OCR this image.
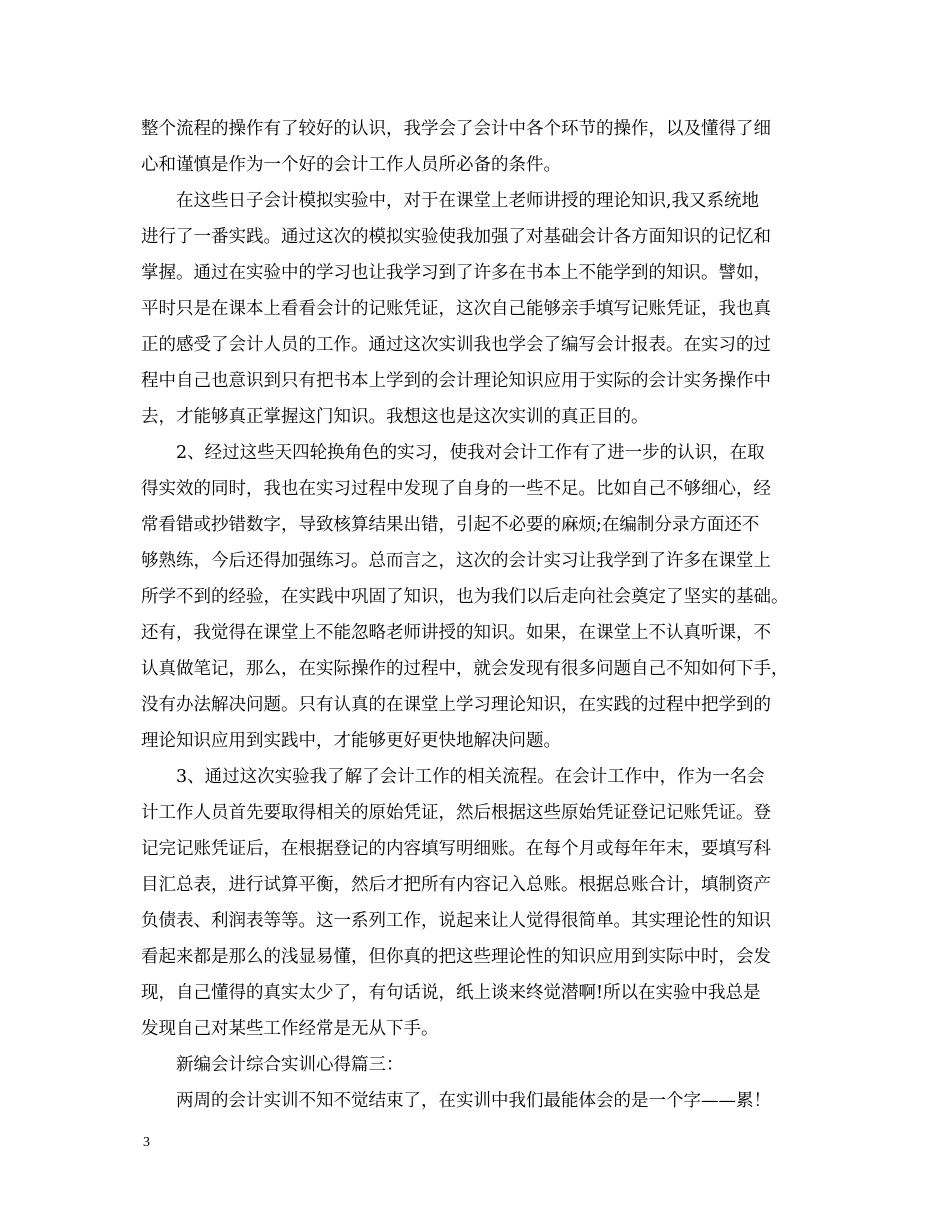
整个流程的操作有了较好的认识，我学会了会计中各个环节的操作，以及懂得了细
心和谨慎是作为一个好的会计工作人员所必备的条件。
在这些日子会计模拟实验中，对于在课堂上老师讲授的理论知识,我又系统地
进行了一番实践。通过这次的模拟实验使我加强了对基础会计各方面知识的记忆和
掌握。通过在实验中的学习也让我学习到了许多在书本上不能学到的知识。譬如，
平时只是在课本上看看会计的记账凭证，这次自己能够亲手填写记账凭证，我也真
正的感受了会计人员的工作。通过这次实训我也学会了编写会计报表。在实习的过
程中自己也意识到只有把书本上学到的会计理论知识应用于实际的会计实务操作中
去，才能够真正掌握这门知识。我想这也是这次实训的真正目的。
2、经过这些天四轮换角色的实习，使我对会计工作有了进一步的认识，在取
得实效的同时，我也在实习过程中发现了自身的一些不足。比如自己不够细心，经
常看错或抄错数字，导致核算结果出错，引起不必要的麻烦;在编制分录方面还不
够熟练，今后还得加强练习。总而言之，这次的会计实习让我学到了许多在课堂上
所学不到的经验，在实践中巩固了知识，也为我们以后走向社会奠定了坚实的基础。
还有，我觉得在课堂上不能忽略老师讲授的知识。如果，在课堂上不认真听课，不
认真做笔记，那么，在实际操作的过程中，就会发现有很多问题自己不知如何下手，
没有办法解决问题。只有认真的在课堂上学习理论知识，在实践的过程中把学到的
理论知识应用到实践中，才能够更好更快地解决问题。
3、通过这次实验我了解了会计工作的相关流程。在会计工作中，作为一名会
计工作人员首先要取得相关的原始凭证，然后根据这些原始凭证登记记账凭证。登
记完记账凭证后，在根据登记的内容填写明细账。在每个月或每年年末，要填写科
目汇总表，进行试算平衡，然后才把所有内容记入总账。根据总账合计，填制资产
负债表、利润表等等。这一系列工作，说起来让人觉得很简单。其实理论性的知识
看起来都是那么的浅显易懂，但你真的把这些理论性的知识应用到实际中时，会发
现，自己懂得的真实太少了，有句话说，纸上谈来终觉潜啊!所以在实验中我总是
发现自己对某些工作经常是无从下手。
新编会计综合实训心得篇三：
两周的会计实训不知不觉结束了，在实训中我们最能体会的是一个字——累！
3
